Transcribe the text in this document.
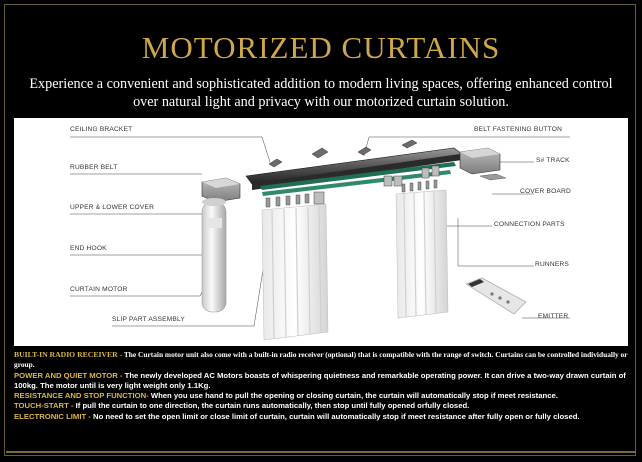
MOTORIZED CURTAINS

Experience a convenient and sophisticated addition to modern living spaces, offering enhanced control over natural light and privacy with our motorized curtain solution.

CEILING BRACKET
RUBBER BELT
UPPER & LOWER COVER
END HOOK
CURTAIN MOTOR
SLIP PART ASSEMBLY
BELT FASTENING BUTTON
S# TRACK
COVER BOARD
CONNECTION PARTS
RUNNERS
EMITTER

BUILT-IN RADIO RECEIVER - The Curtain motor unit also come with a built-in radio receiver (optional) that is compatible with the range of switch. Curtains can be controlled individually or group.

POWER AND QUIET MOTOR - The newly developed AC Motors boasts of whispering quietness and remarkable operating power. It can drive a two-way drawn curtain of 100kg. The motor until is very light weight only 1.1Kg.

RESISTANCE AND STOP FUNCTION- When you use hand to pull the opening or closing curtain, the curtain will automatically stop if meet resistance.

TOUCH-START - If pull the curtain to one direction, the curtain runs automatically, then stop until fully opened orfully closed.

ELECTRONIC LIMIT - No need to set the open limit or close limit of curtain, curtain will automatically stop if meet resistance after fully open or fully closed.
